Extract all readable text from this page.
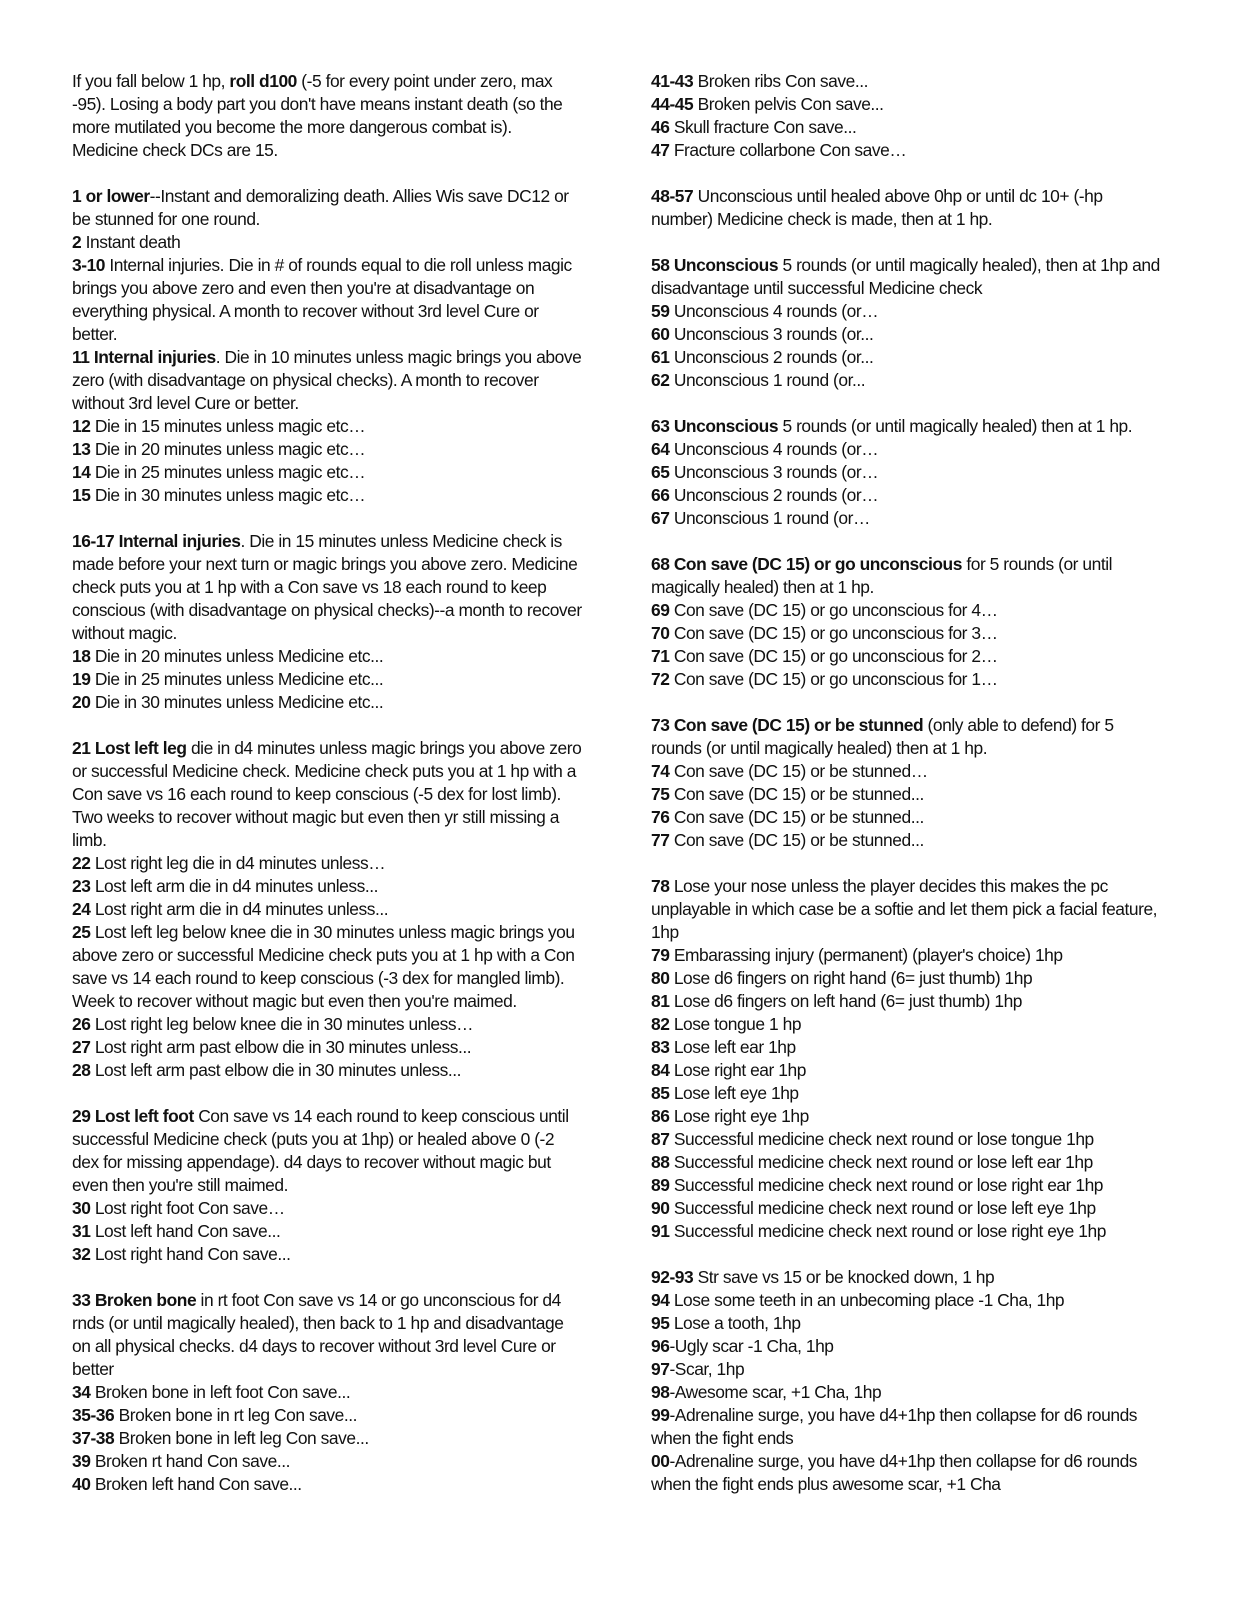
If you fall below 1 hp, roll d100 (-5 for every point under zero, max -95). Losing a body part you don't have means instant death (so the more mutilated you become the more dangerous combat is). Medicine check DCs are 15.

1 or lower--Instant and demoralizing death. Allies Wis save DC12 or be stunned for one round.

2 Instant death

3-10 Internal injuries. Die in # of rounds equal to die roll unless magic brings you above zero and even then you're at disadvantage on everything physical. A month to recover without 3rd level Cure or better.

11 Internal injuries. Die in 10 minutes unless magic brings you above zero (with disadvantage on physical checks). A month to recover without 3rd level Cure or better.

12 Die in 15 minutes unless magic etc…

13 Die in 20 minutes unless magic etc…

14 Die in 25 minutes unless magic etc…

15 Die in 30 minutes unless magic etc…

16-17 Internal injuries. Die in 15 minutes unless Medicine check is made before your next turn or magic brings you above zero. Medicine check puts you at 1 hp with a Con save vs 18 each round to keep conscious (with disadvantage on physical checks)--a month to recover without magic.

18 Die in 20 minutes unless Medicine etc...

19 Die in 25 minutes unless Medicine etc...

20 Die in 30 minutes unless Medicine etc...

21 Lost left leg die in d4 minutes unless magic brings you above zero or successful Medicine check. Medicine check puts you at 1 hp with a Con save vs 16 each round to keep conscious (-5 dex for lost limb). Two weeks to recover without magic but even then yr still missing a limb.

22 Lost right leg die in d4 minutes unless…

23 Lost left arm die in d4 minutes unless...

24 Lost right arm die in d4 minutes unless...

25 Lost left leg below knee die in 30 minutes unless magic brings you above zero or successful Medicine check puts you at 1 hp with a Con save vs 14 each round to keep conscious (-3 dex for mangled limb). Week to recover without magic but even then you're maimed.

26 Lost right leg below knee die in 30 minutes unless…

27 Lost right arm past elbow die in 30 minutes unless...

28 Lost left arm past elbow die in 30 minutes unless...

29 Lost left foot Con save vs 14 each round to keep conscious until successful Medicine check (puts you at 1hp) or healed above 0 (-2 dex for missing appendage). d4 days to recover without magic but even then you're still maimed.

30 Lost right foot Con save…

31 Lost left hand Con save...

32 Lost right hand Con save...

33 Broken bone in rt foot Con save vs 14 or go unconscious for d4 rnds (or until magically healed), then back to 1 hp and disadvantage on all physical checks. d4 days to recover without 3rd level Cure or better

34 Broken bone in left foot Con save...

35-36 Broken bone in rt leg Con save...

37-38 Broken bone in left leg Con save...

39 Broken rt hand Con save...

40 Broken left hand Con save...

41-43 Broken ribs Con save...

44-45 Broken pelvis Con save...

46 Skull fracture Con save...

47 Fracture collarbone Con save…

48-57 Unconscious until healed above 0hp or until dc 10+ (-hp number) Medicine check is made, then at 1 hp.

58 Unconscious 5 rounds (or until magically healed), then at 1hp and disadvantage until successful Medicine check

59 Unconscious 4 rounds (or…

60 Unconscious 3 rounds (or...

61 Unconscious 2 rounds (or...

62 Unconscious 1 round (or...

63 Unconscious 5 rounds (or until magically healed) then at 1 hp.

64 Unconscious 4 rounds (or…

65 Unconscious 3 rounds (or…

66 Unconscious 2 rounds (or…

67 Unconscious 1 round (or…

68 Con save (DC 15) or go unconscious for 5 rounds (or until magically healed) then at 1 hp.

69 Con save (DC 15) or go unconscious for 4…

70 Con save (DC 15) or go unconscious for 3…

71 Con save (DC 15) or go unconscious for 2…

72 Con save (DC 15) or go unconscious for 1…

73 Con save (DC 15) or be stunned (only able to defend) for 5 rounds (or until magically healed) then at 1 hp.

74 Con save (DC 15) or be stunned…

75 Con save (DC 15) or be stunned...

76 Con save (DC 15) or be stunned...

77 Con save (DC 15) or be stunned...

78 Lose your nose unless the player decides this makes the pc unplayable in which case be a softie and let them pick a facial feature, 1hp

79 Embarassing injury (permanent) (player's choice) 1hp

80 Lose d6 fingers on right hand (6= just thumb) 1hp

81 Lose d6 fingers on left hand (6= just thumb) 1hp

82 Lose tongue 1 hp

83 Lose left ear 1hp

84 Lose right ear 1hp

85 Lose left eye 1hp

86 Lose right eye 1hp

87 Successful medicine check next round or lose tongue 1hp

88 Successful medicine check next round or lose left ear 1hp

89 Successful medicine check next round or lose right ear 1hp

90 Successful medicine check next round or lose left eye 1hp

91 Successful medicine check next round or lose right eye 1hp

92-93 Str save vs 15 or be knocked down, 1 hp

94 Lose some teeth in an unbecoming place -1 Cha, 1hp

95 Lose a tooth, 1hp

96-Ugly scar -1 Cha, 1hp

97-Scar, 1hp

98-Awesome scar, +1 Cha, 1hp

99-Adrenaline surge, you have d4+1hp then collapse for d6 rounds when the fight ends

00-Adrenaline surge, you have d4+1hp then collapse for d6 rounds when the fight ends plus awesome scar, +1 Cha
